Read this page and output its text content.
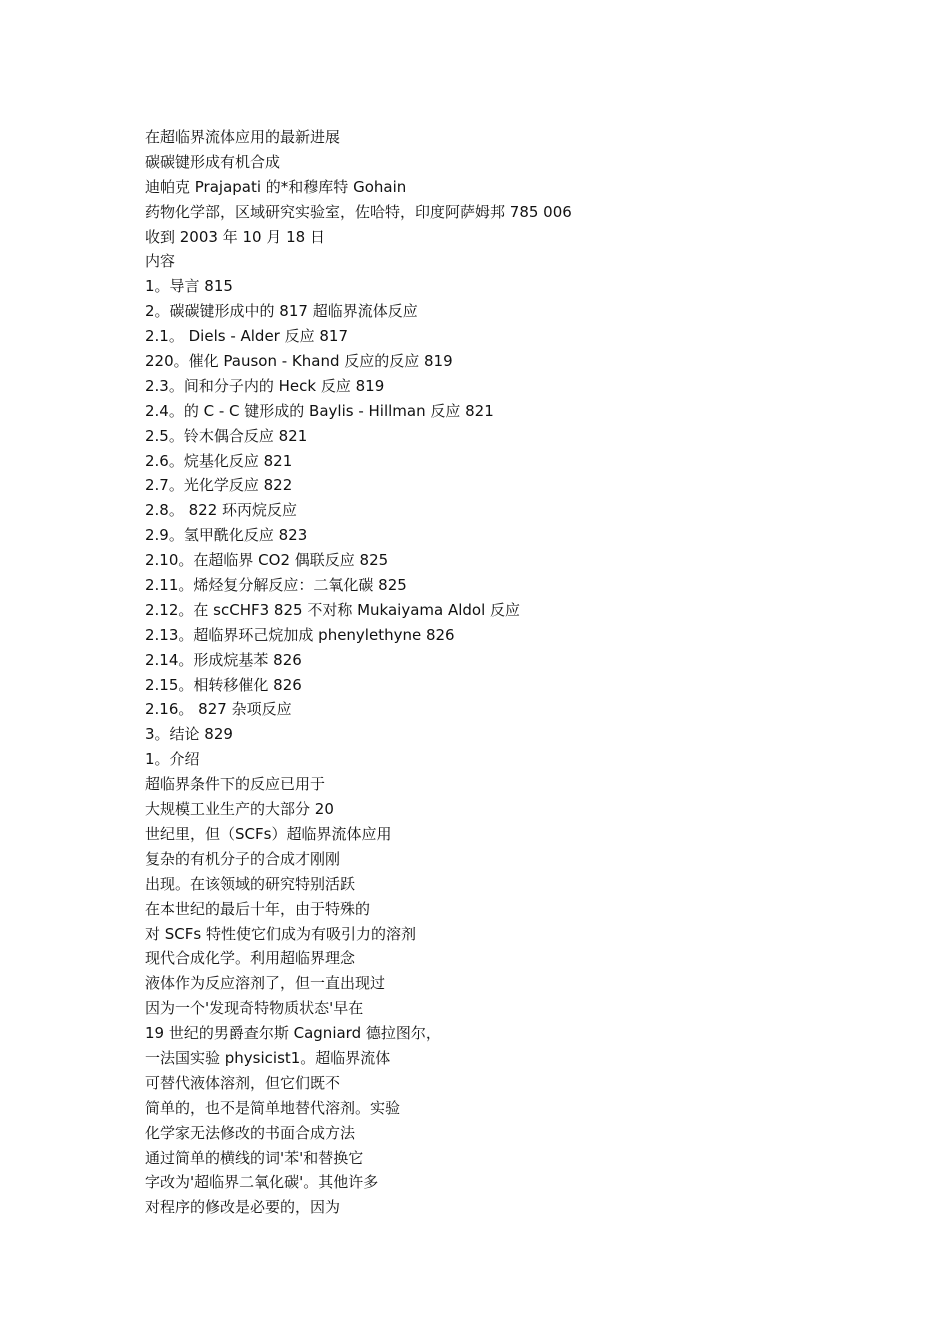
在超临界流体应用的最新进展
碳碳键形成有机合成
迪帕克 Prajapati 的*和穆库特 Gohain
药物化学部，区域研究实验室，佐哈特，印度阿萨姆邦 785 006
收到 2003 年 10 月 18 日
内容
1。导言 815
2。碳碳键形成中的 817 超临界流体反应
2.1。 Diels - Alder 反应 817
220。催化 Pauson - Khand 反应的反应 819
2.3。间和分子内的 Heck 反应 819
2.4。的 C - C 键形成的 Baylis - Hillman 反应 821
2.5。铃木偶合反应 821
2.6。烷基化反应 821
2.7。光化学反应 822
2.8。 822 环丙烷反应
2.9。氢甲酰化反应 823
2.10。在超临界 CO2 偶联反应 825
2.11。烯烃复分解反应：二氧化碳 825
2.12。在 scCHF3 825 不对称 Mukaiyama Aldol 反应
2.13。超临界环己烷加成 phenylethyne 826
2.14。形成烷基苯 826
2.15。相转移催化 826
2.16。 827 杂项反应
3。结论 829
1。介绍
超临界条件下的反应已用于
大规模工业生产的大部分 20
世纪里，但（SCFs）超临界流体应用
复杂的有机分子的合成才刚刚
出现。在该领域的研究特别活跃
在本世纪的最后十年，由于特殊的
对 SCFs 特性使它们成为有吸引力的溶剂
现代合成化学。利用超临界理念
液体作为反应溶剂了，但一直出现过
因为一个'发现奇特物质状态'早在
19 世纪的男爵查尔斯 Cagniard 德拉图尔，
一法国实验 physicist1。超临界流体
可替代液体溶剂，但它们既不
简单的，也不是简单地替代溶剂。实验
化学家无法修改的书面合成方法
通过简单的横线的词'苯'和替换它
字改为'超临界二氧化碳'。其他许多
对程序的修改是必要的，因为
